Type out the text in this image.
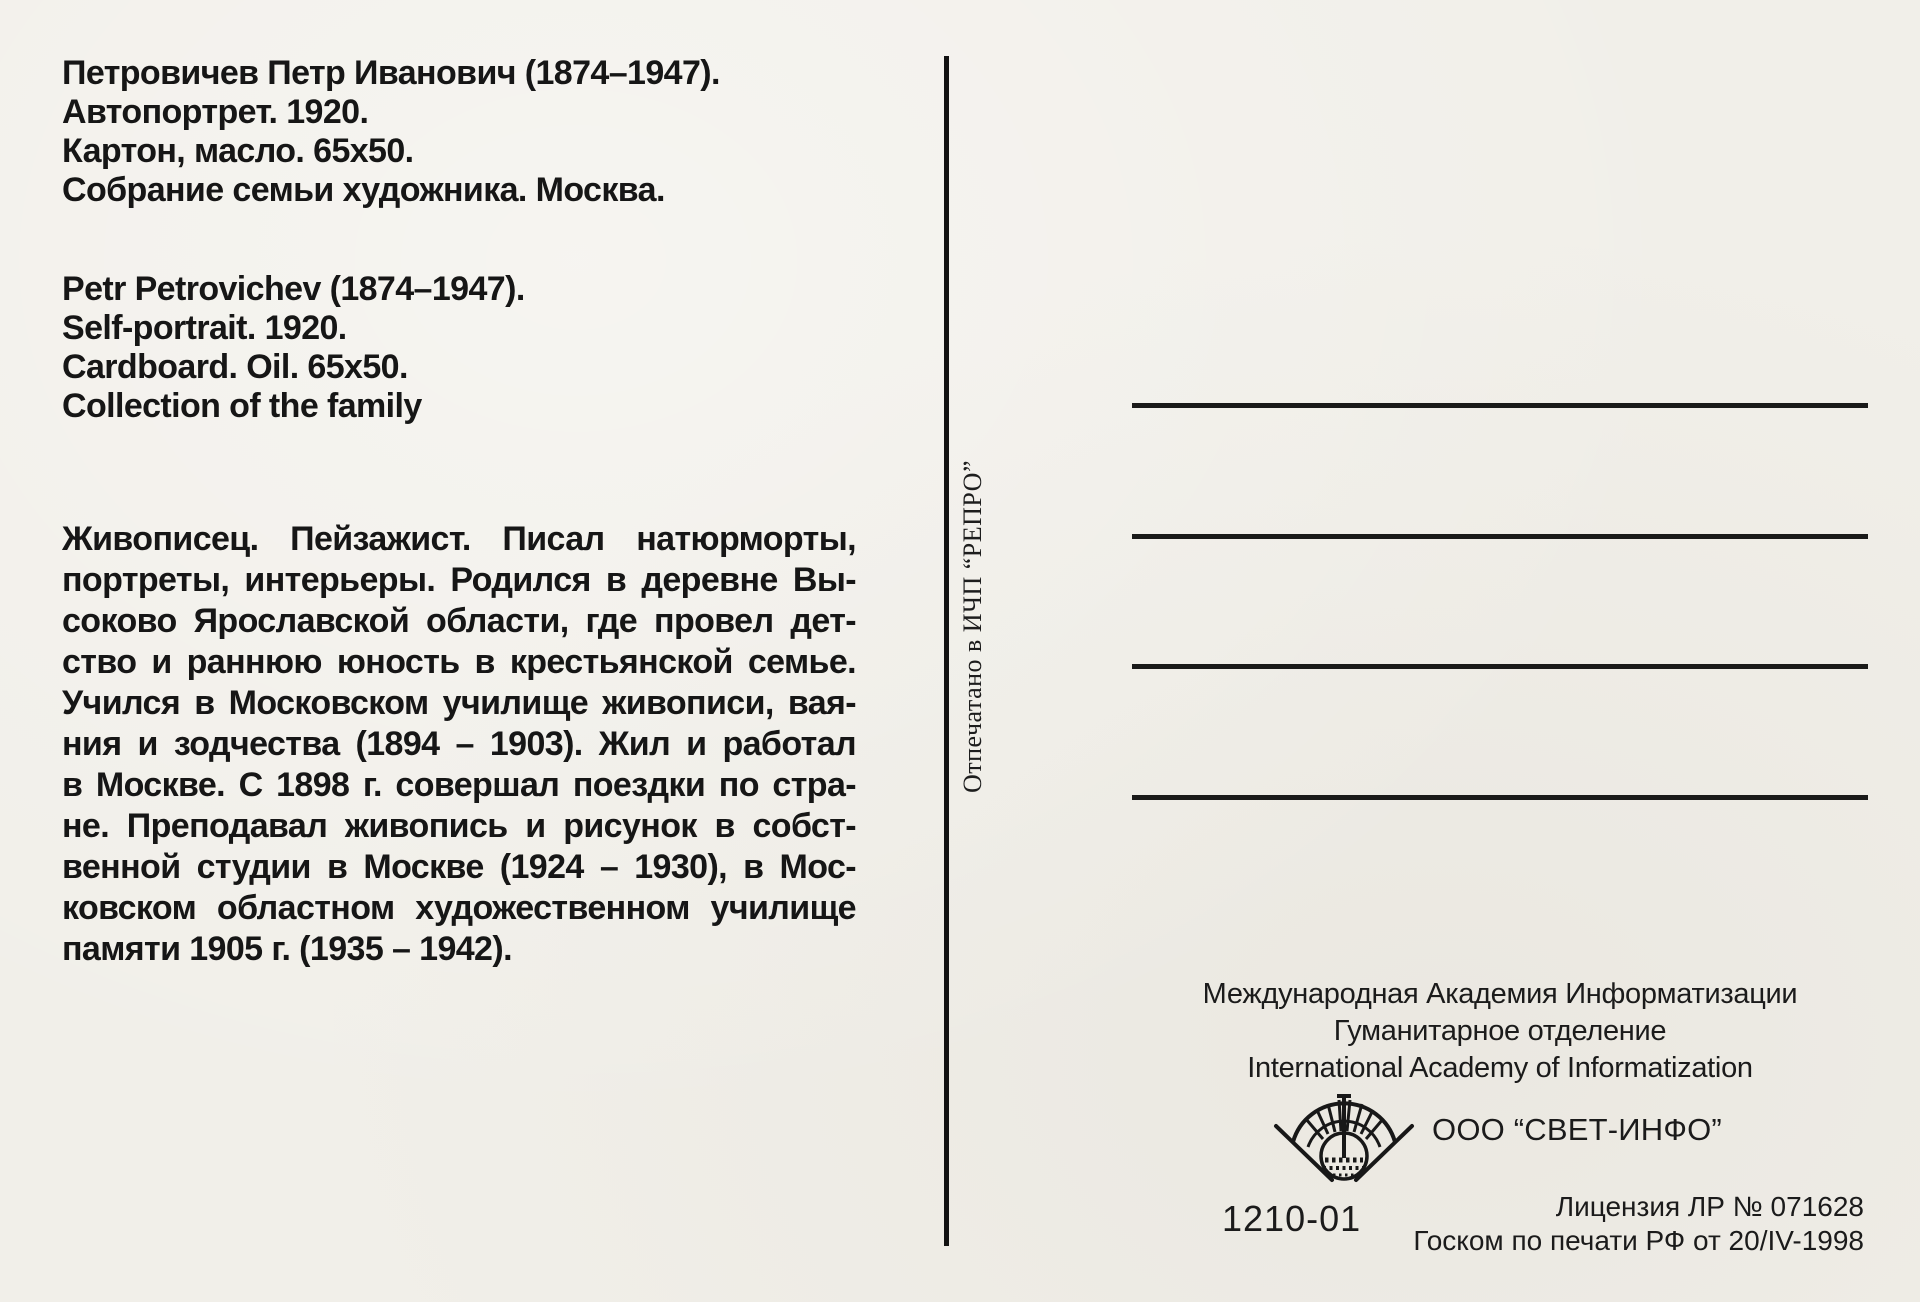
Петровичев Петр Иванович (1874–1947).
Автопортрет. 1920.
Картон, масло. 65х50.
Собрание семьи художника. Москва.
Petr Petrovichev (1874–1947).
Self-portrait. 1920.
Cardboard. Oil. 65x50.
Collection of the family
Живописец. Пейзажист. Писал натюрморты,
портреты, интерьеры. Родился в деревне Вы-
соково Ярославской области, где провел дет-
ство и раннюю юность в крестьянской семье.
Учился в Московском училище живописи, вая-
ния и зодчества (1894 – 1903). Жил и работал
в Москве. С 1898 г. совершал поездки по стра-
не. Преподавал живопись и рисунок в собст-
венной студии в Москве (1924 – 1930), в Мос-
ковском областном художественном училище
памяти 1905 г. (1935 – 1942).
Отпечатано в ИЧП “РЕПРО”
Международная Академия Информатизации
Гуманитарное отделение
International Academy of Informatization
ООО “СВЕТ-ИНФО”
1210-01	Лицензия ЛР № 071628
Госком по печати РФ от 20/IV-1998
